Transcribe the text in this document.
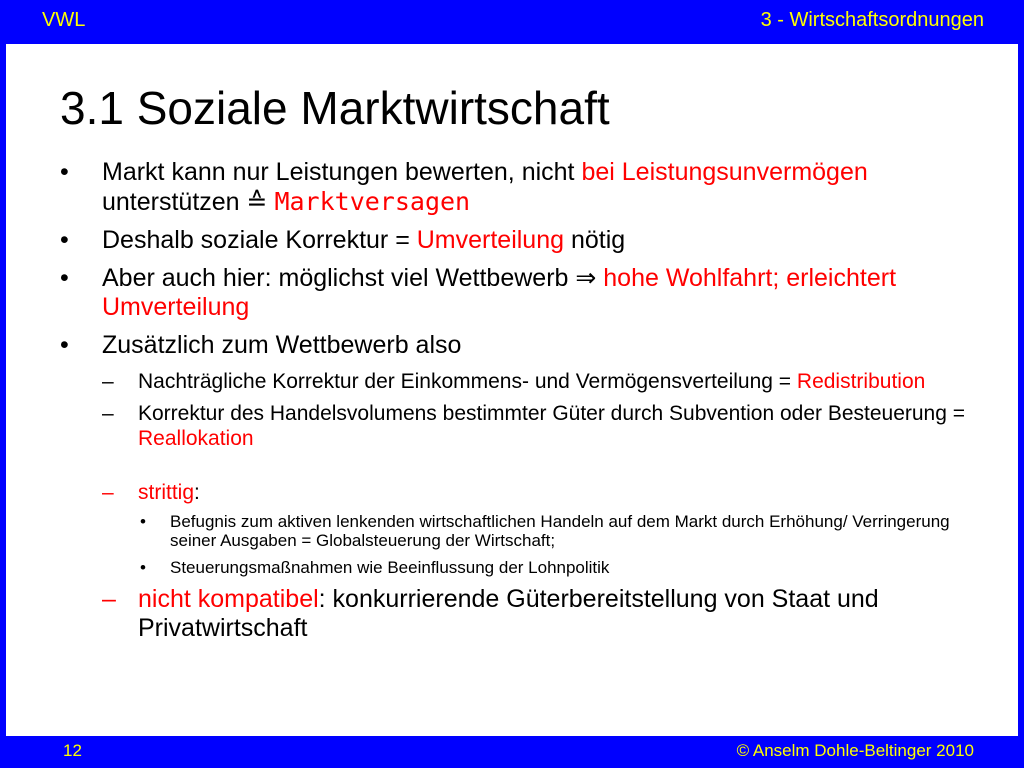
VWL	3 - Wirtschaftsordnungen
3.1 Soziale Marktwirtschaft
• Markt kann nur Leistungen bewerten, nicht bei Leistungsunvermögen unterstützen ≙ Marktversagen
• Deshalb soziale Korrektur = Umverteilung nötig
• Aber auch hier: möglichst viel Wettbewerb ⇒ hohe Wohlfahrt; erleichtert Umverteilung
• Zusätzlich zum Wettbewerb also
– Nachträgliche Korrektur der Einkommens- und Vermögensverteilung = Redistribution
– Korrektur des Handelsvolumens bestimmter Güter durch Subvention oder Besteuerung = Reallokation
– strittig:
• Befugnis zum aktiven lenkenden wirtschaftlichen Handeln auf dem Markt durch Erhöhung/ Verringerung seiner Ausgaben = Globalsteuerung der Wirtschaft;
• Steuerungsmaßnahmen wie Beeinflussung der Lohnpolitik
– nicht kompatibel: konkurrierende Güterbereitstellung von Staat und Privatwirtschaft
12	© Anselm Dohle-Beltinger 2010
